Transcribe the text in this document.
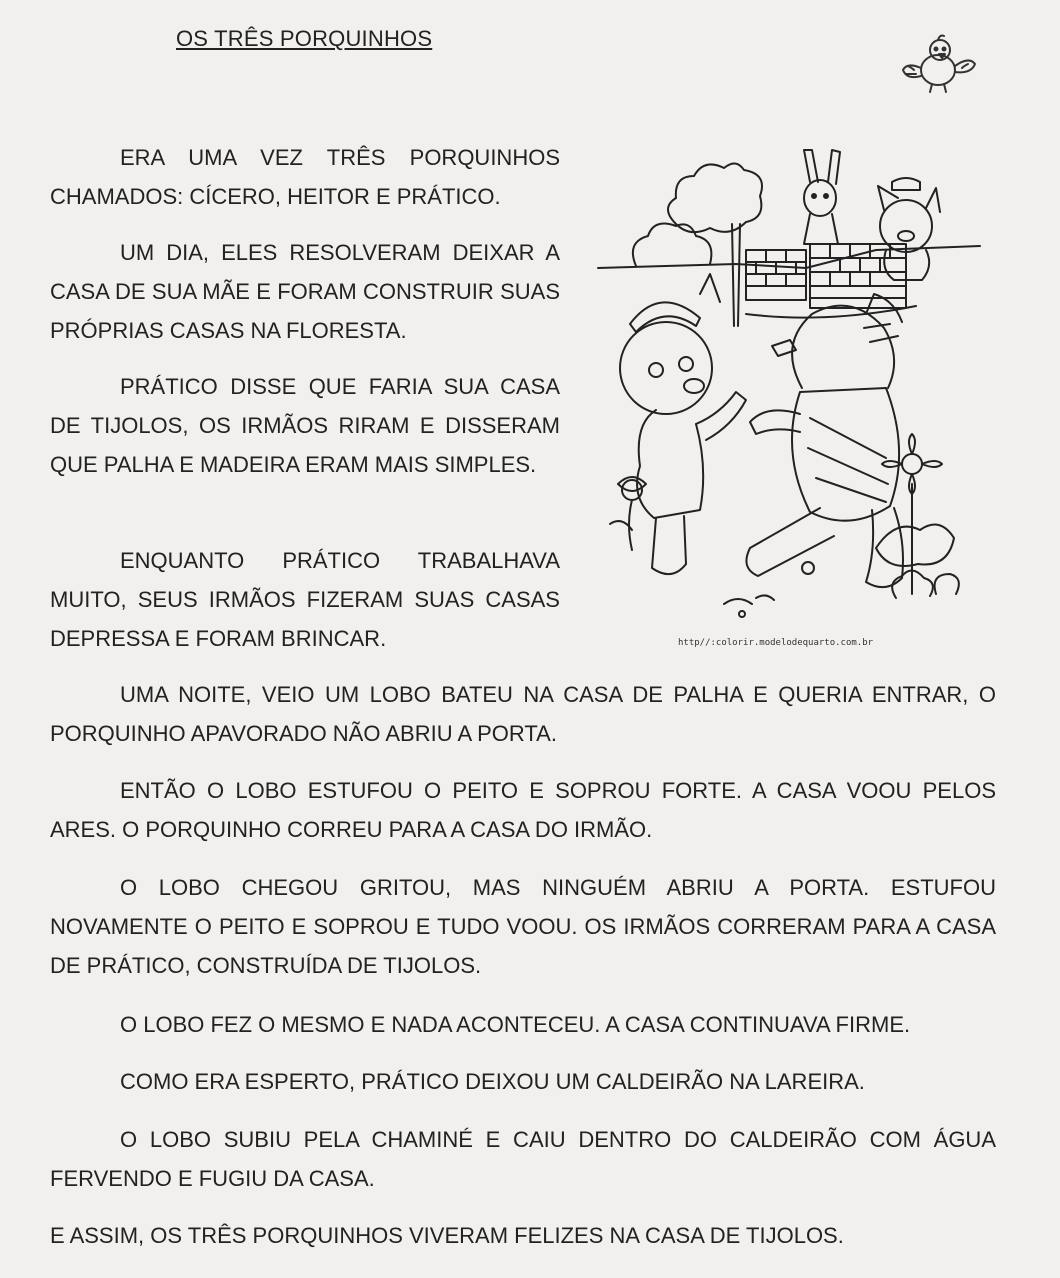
OS TRÊS PORQUINHOS

ERA UMA VEZ TRÊS PORQUINHOS CHAMADOS: CÍCERO, HEITOR E PRÁTICO.

UM DIA, ELES RESOLVERAM DEIXAR A CASA DE SUA MÃE E FORAM CONSTRUIR SUAS PRÓPRIAS CASAS NA FLORESTA.

PRÁTICO DISSE QUE FARIA SUA CASA DE TIJOLOS, OS IRMÃOS RIRAM E DISSERAM QUE PALHA E MADEIRA ERAM MAIS SIMPLES.

ENQUANTO PRÁTICO TRABALHAVA MUITO, SEUS IRMÃOS FIZERAM SUAS CASAS DEPRESSA E FORAM BRINCAR.	http//:colorir.modelodequarto.com.br

UMA NOITE, VEIO UM LOBO BATEU NA CASA DE PALHA E QUERIA ENTRAR, O PORQUINHO APAVORADO NÃO ABRIU A PORTA.

ENTÃO O LOBO ESTUFOU O PEITO E SOPROU FORTE. A CASA VOOU PELOS ARES. O PORQUINHO CORREU PARA A CASA DO IRMÃO.

O LOBO CHEGOU GRITOU, MAS NINGUÉM ABRIU A PORTA. ESTUFOU NOVAMENTE O PEITO E SOPROU E TUDO VOOU. OS IRMÃOS CORRERAM PARA A CASA DE PRÁTICO, CONSTRUÍDA DE TIJOLOS.

O LOBO FEZ O MESMO E NADA ACONTECEU. A CASA CONTINUAVA FIRME.

COMO ERA ESPERTO, PRÁTICO DEIXOU UM CALDEIRÃO NA LAREIRA.

O LOBO SUBIU PELA CHAMINÉ E CAIU DENTRO DO CALDEIRÃO COM ÁGUA FERVENDO E FUGIU DA CASA.

E ASSIM, OS TRÊS PORQUINHOS VIVERAM FELIZES NA CASA DE TIJOLOS.
